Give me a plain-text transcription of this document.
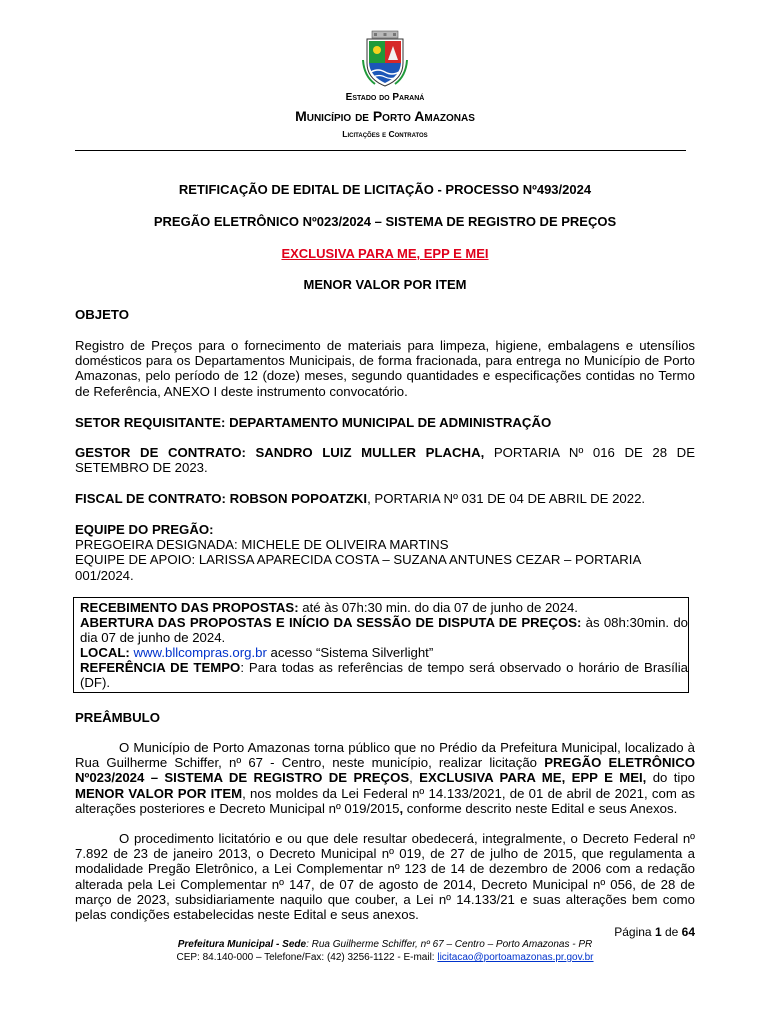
Estado do Paraná
Município de Porto Amazonas
Licitações e Contratos
RETIFICAÇÃO DE EDITAL DE LICITAÇÃO - PROCESSO Nº493/2024
PREGÃO ELETRÔNICO Nº023/2024 – SISTEMA DE REGISTRO DE PREÇOS
EXCLUSIVA PARA ME, EPP E MEI
MENOR VALOR POR ITEM
OBJETO
Registro de Preços para o fornecimento de materiais para limpeza, higiene, embalagens e utensílios domésticos para os Departamentos Municipais, de forma fracionada, para entrega no Município de Porto Amazonas, pelo período de 12 (doze) meses, segundo quantidades e especificações contidas no Termo de Referência, ANEXO I deste instrumento convocatório.
SETOR REQUISITANTE: DEPARTAMENTO MUNICIPAL DE ADMINISTRAÇÃO
GESTOR DE CONTRATO: SANDRO LUIZ MULLER PLACHA, PORTARIA Nº 016 DE 28 DE SETEMBRO DE 2023.
FISCAL DE CONTRATO: ROBSON POPOATZKI, PORTARIA Nº 031 DE 04 DE ABRIL DE 2022.
EQUIPE DO PREGÃO:
PREGOEIRA DESIGNADA: MICHELE DE OLIVEIRA MARTINS
EQUIPE DE APOIO: LARISSA APARECIDA COSTA – SUZANA ANTUNES CEZAR – PORTARIA 001/2024.
RECEBIMENTO DAS PROPOSTAS: até às 07h:30 min. do dia 07 de junho de 2024.
ABERTURA DAS PROPOSTAS E INÍCIO DA SESSÃO DE DISPUTA DE PREÇOS: às 08h:30min. do dia 07 de junho de 2024.
LOCAL: www.bllcompras.org.br acesso “Sistema Silverlight”
REFERÊNCIA DE TEMPO: Para todas as referências de tempo será observado o horário de Brasília (DF).
PREÂMBULO
O Município de Porto Amazonas torna público que no Prédio da Prefeitura Municipal, localizado à Rua Guilherme Schiffer, nº 67 - Centro, neste município, realizar licitação PREGÃO ELETRÔNICO Nº023/2024 – SISTEMA DE REGISTRO DE PREÇOS, EXCLUSIVA PARA ME, EPP E MEI, do tipo MENOR VALOR POR ITEM, nos moldes da Lei Federal nº 14.133/2021, de 01 de abril de 2021, com as alterações posteriores e Decreto Municipal nº 019/2015, conforme descrito neste Edital e seus Anexos.
O procedimento licitatório e ou que dele resultar obedecerá, integralmente, o Decreto Federal nº 7.892 de 23 de janeiro 2013, o Decreto Municipal nº 019, de 27 de julho de 2015, que regulamenta a modalidade Pregão Eletrônico, a Lei Complementar nº 123 de 14 de dezembro de 2006 com a redação alterada pela Lei Complementar nº 147, de 07 de agosto de 2014, Decreto Municipal nº 056, de 28 de março de 2023, subsidiariamente naquilo que couber, a Lei nº 14.133/21 e suas alterações bem como pelas condições estabelecidas neste Edital e seus anexos.
Página 1 de 64
Prefeitura Municipal - Sede: Rua Guilherme Schiffer, nº 67 – Centro – Porto Amazonas - PR
CEP: 84.140-000 – Telefone/Fax: (42) 3256-1122 - E-mail: licitacao@portoamazonas.pr.gov.br
